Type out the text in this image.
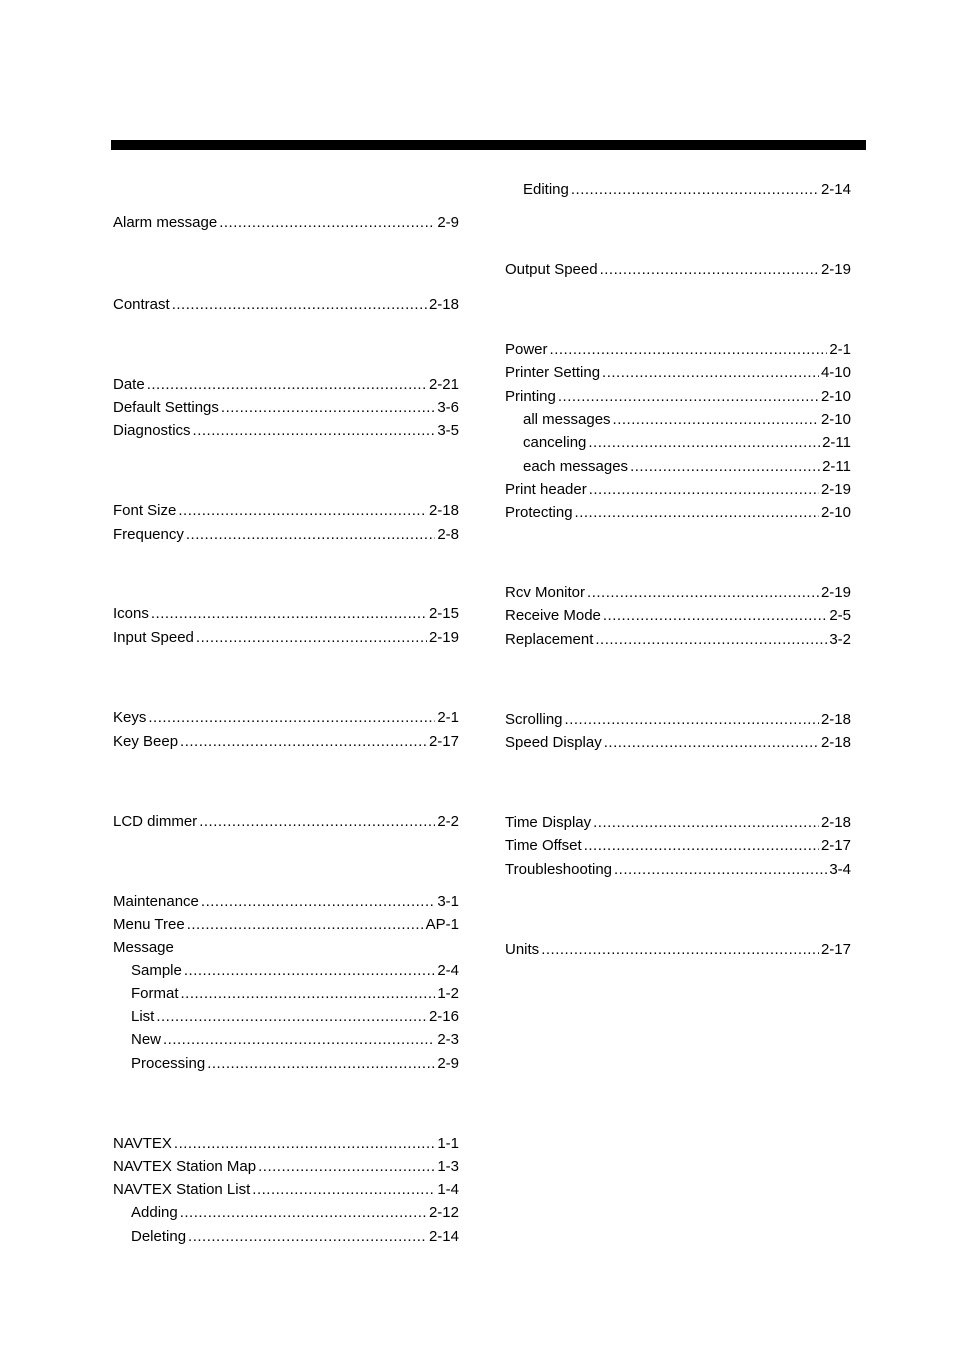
Alarm message .....	2-9
Contrast .....	2-18
Date .....	2-21
Default Settings .....	3-6
Diagnostics .....	3-5
Font Size .....	2-18
Frequency .....	2-8
Icons .....	2-15
Input Speed .....	2-19
Keys .....	2-1
Key Beep .....	2-17
LCD dimmer .....	2-2
Maintenance .....	3-1
Menu Tree .....	AP-1
Message
Sample .....	2-4
Format .....	1-2
List .....	2-16
New .....	2-3
Processing .....	2-9
NAVTEX .....	1-1
NAVTEX Station Map .....	1-3
NAVTEX Station List .....	1-4
Adding .....	2-12
Deleting .....	2-14
Editing .....	2-14
Output Speed .....	2-19
Power .....	2-1
Printer Setting .....	4-10
Printing .....	2-10
all messages .....	2-10
canceling .....	2-11
each messages .....	2-11
Print header .....	2-19
Protecting .....	2-10
Rcv Monitor .....	2-19
Receive Mode .....	2-5
Replacement .....	3-2
Scrolling .....	2-18
Speed Display .....	2-18
Time Display .....	2-18
Time Offset .....	2-17
Troubleshooting .....	3-4
Units .....	2-17
